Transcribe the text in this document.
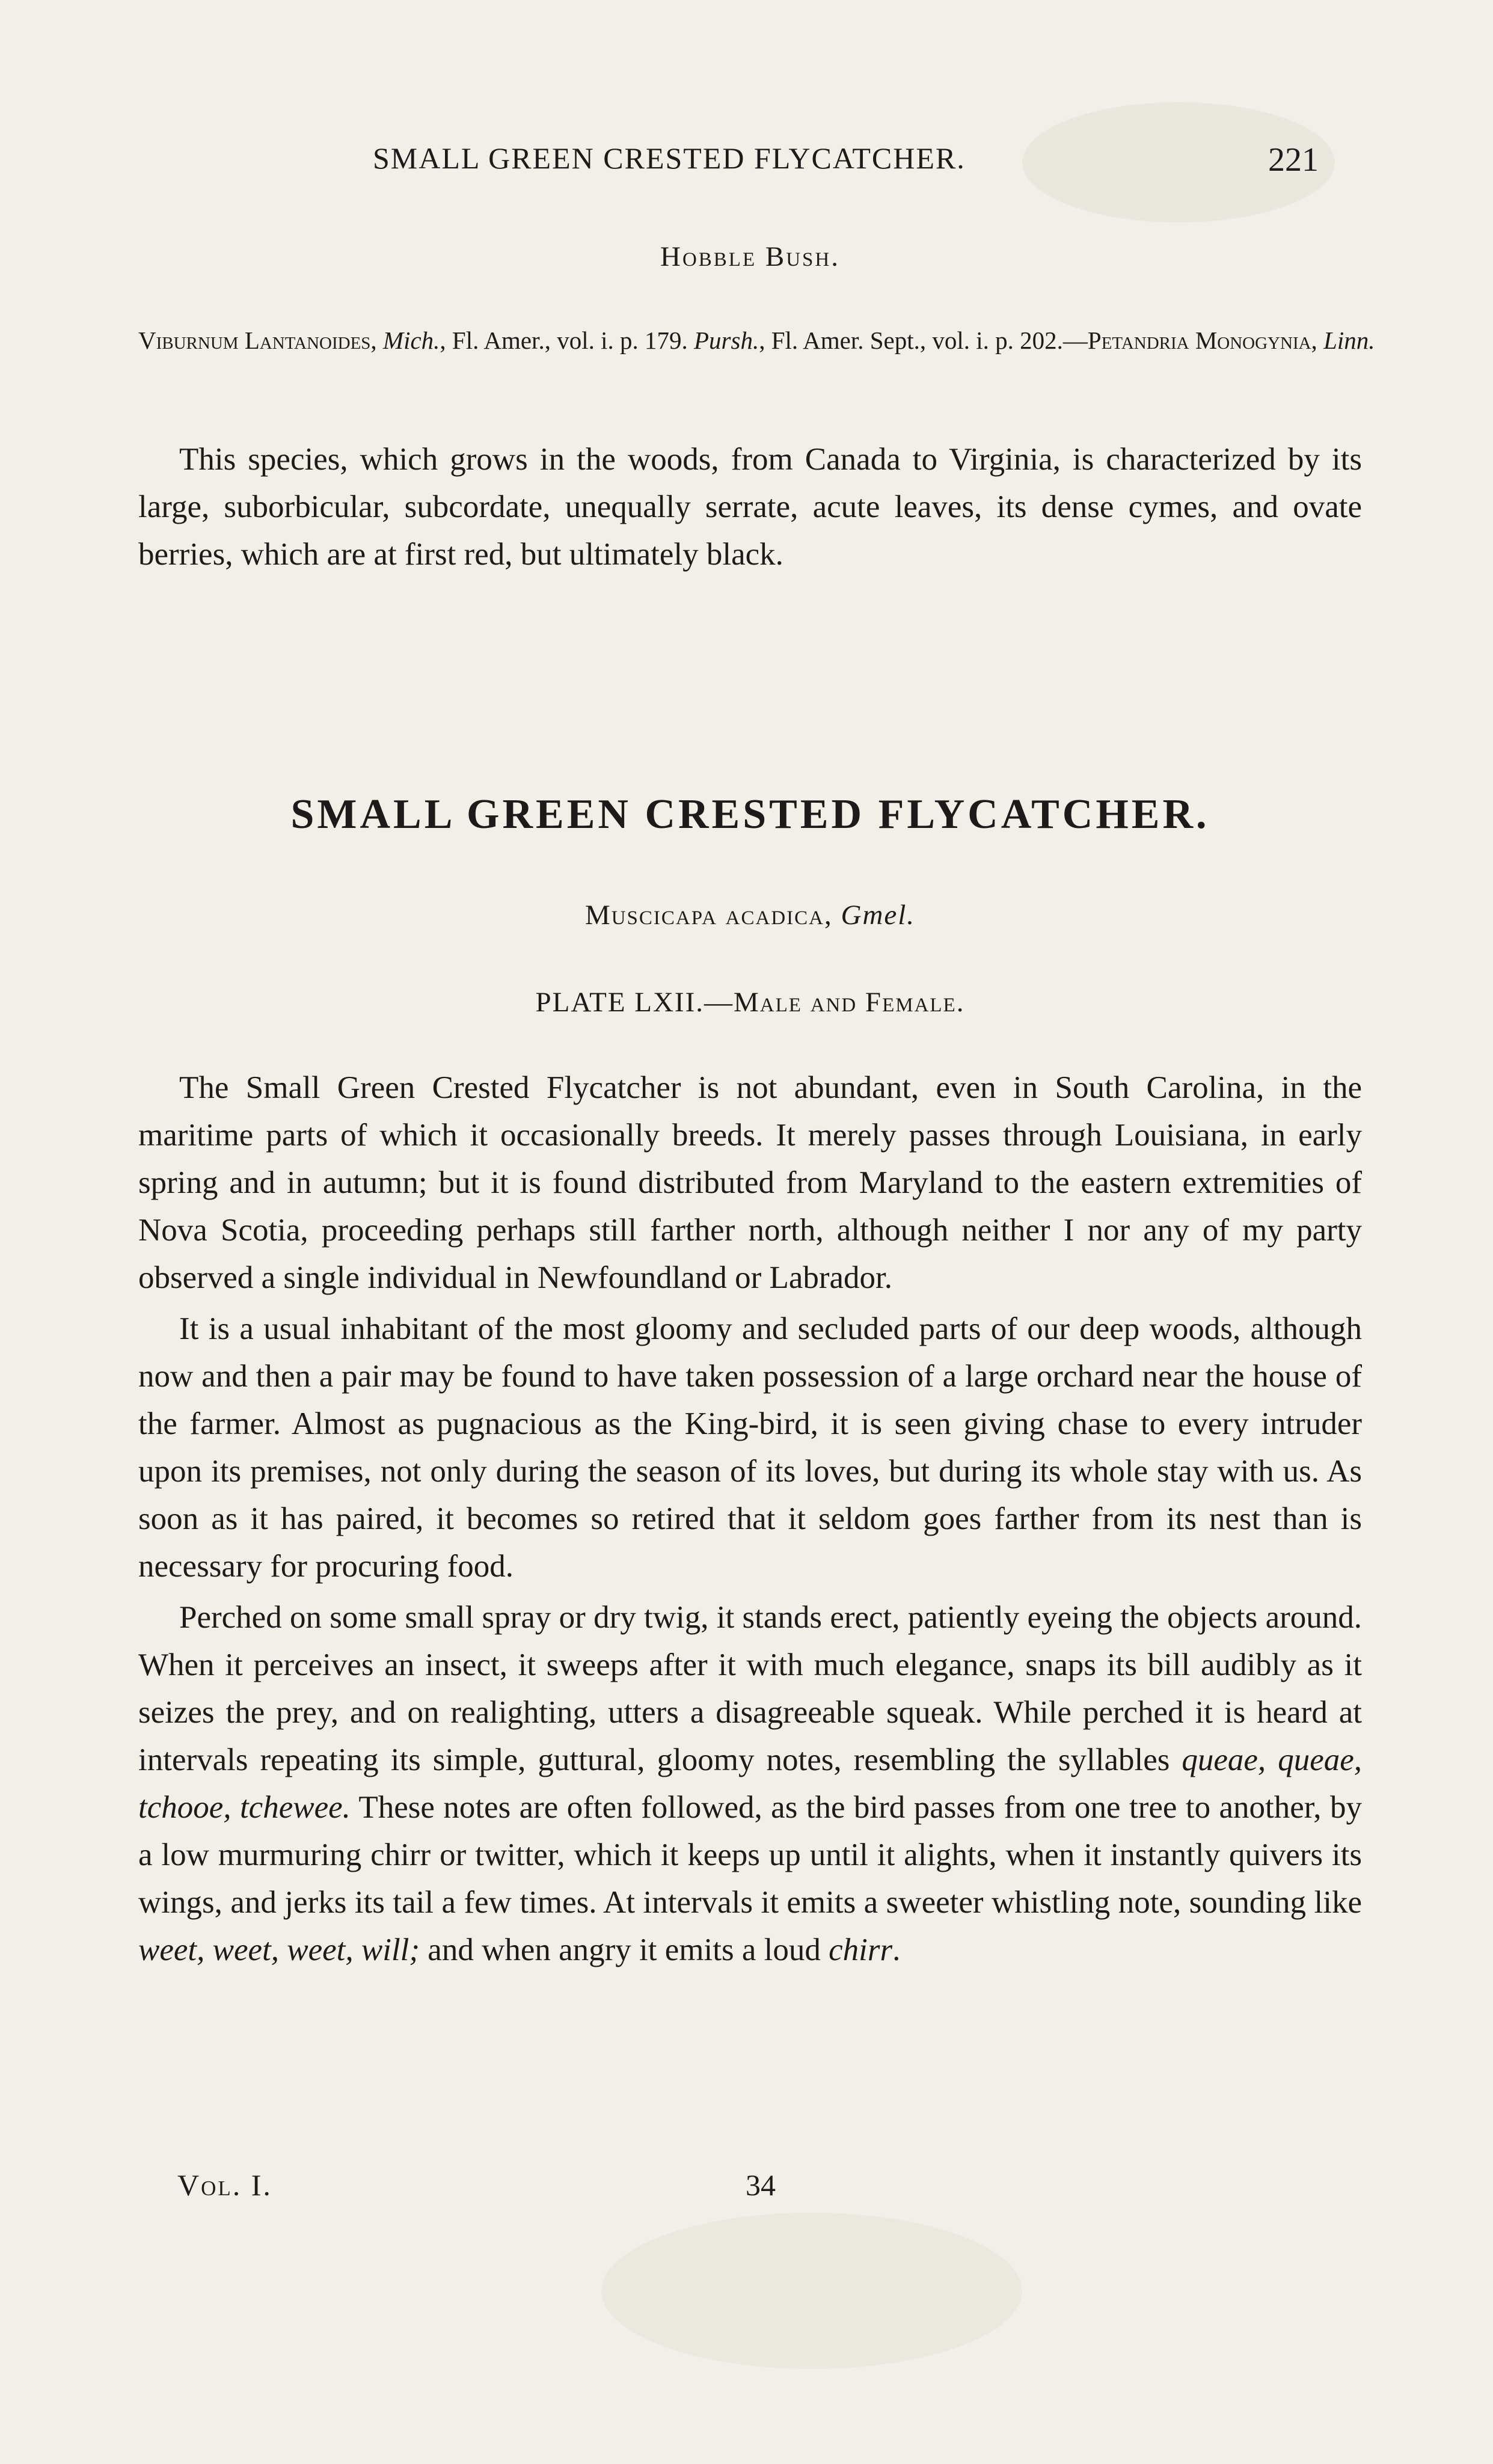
SMALL GREEN CRESTED FLYCATCHER.	221
Hobble Bush.
Viburnum Lantanoides, Mich., Fl. Amer., vol. i. p. 179. Pursh., Fl. Amer. Sept., vol. i. p. 202.—Petandria Monogynia, Linn.

This species, which grows in the woods, from Canada to Virginia, is characterized by its large, suborbicular, subcordate, unequally serrate, acute leaves, its dense cymes, and ovate berries, which are at first red, but ultimately black.

SMALL GREEN CRESTED FLYCATCHER.
Muscicapa acadica, Gmel.
PLATE LXII.—Male and Female.

The Small Green Crested Flycatcher is not abundant, even in South Carolina, in the maritime parts of which it occasionally breeds. It merely passes through Louisiana, in early spring and in autumn; but it is found distributed from Maryland to the eastern extremities of Nova Scotia, proceeding perhaps still farther north, although neither I nor any of my party observed a single individual in Newfoundland or Labrador.

It is a usual inhabitant of the most gloomy and secluded parts of our deep woods, although now and then a pair may be found to have taken possession of a large orchard near the house of the farmer. Almost as pugnacious as the King-bird, it is seen giving chase to every intruder upon its premises, not only during the season of its loves, but during its whole stay with us. As soon as it has paired, it becomes so retired that it seldom goes farther from its nest than is necessary for procuring food.

Perched on some small spray or dry twig, it stands erect, patiently eyeing the objects around. When it perceives an insect, it sweeps after it with much elegance, snaps its bill audibly as it seizes the prey, and on realighting, utters a disagreeable squeak. While perched it is heard at intervals repeating its simple, guttural, gloomy notes, resembling the syllables queae, queae, tchooe, tchewee. These notes are often followed, as the bird passes from one tree to another, by a low murmuring chirr or twitter, which it keeps up until it alights, when it instantly quivers its wings, and jerks its tail a few times. At intervals it emits a sweeter whistling note, sounding like weet, weet, weet, will; and when angry it emits a loud chirr.

Vol. I.	34
